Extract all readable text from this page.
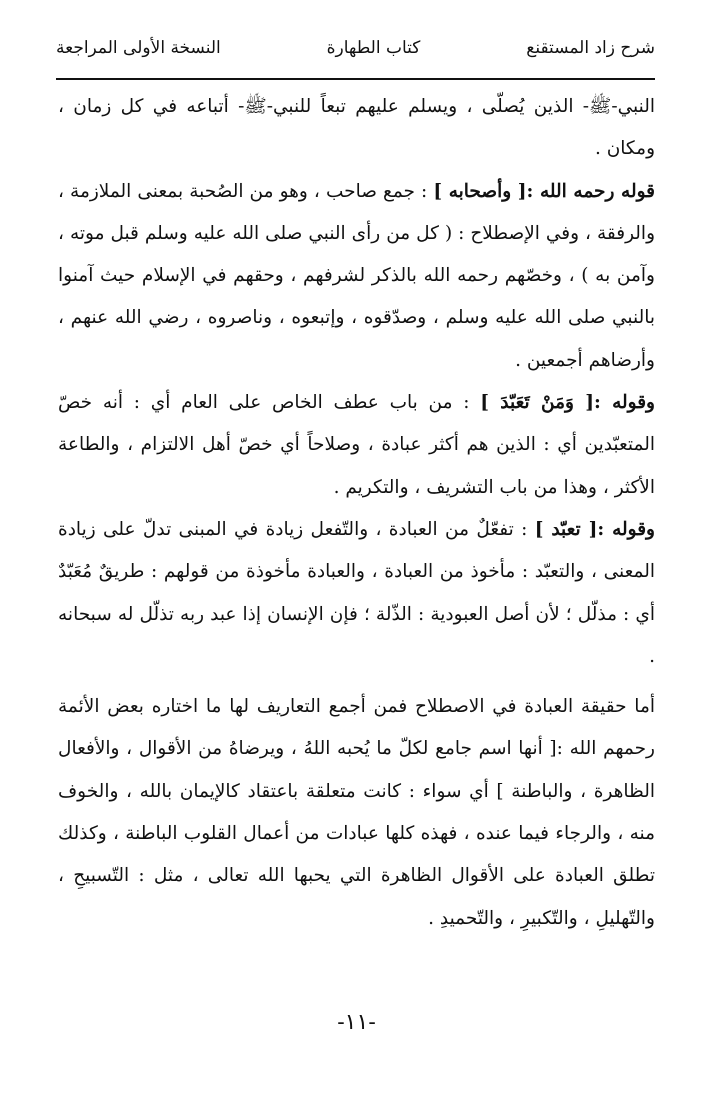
شرح زاد المستقنع
كتاب الطهارة
النسخة الأولى المراجعة

النبي-ﷺ- الذين يُصلّى ، ويسلم عليهم تبعاً للنبي-ﷺ- أتباعه في كل زمان ، ومكان .

قوله رحمه الله :[ وأصحابه ] : جمع صاحب ، وهو من الصُحبة بمعنى الملازمة ، والرفقة ، وفي الإصطلاح : ( كل من رأى النبي صلى الله عليه وسلم قبل موته ، وآمن به ) ، وخصّهم رحمه الله بالذكر لشرفهم ، وحقهم في الإسلام حيث آمنوا بالنبي صلى الله عليه وسلم ، وصدّقوه ، وإتبعوه ، وناصروه ، رضي الله عنهم ، وأرضاهم أجمعين .

وقوله :[ وَمَنْ تَعَبّدَ ] : من باب عطف الخاص على العام أي : أنه خصّ المتعبّدين أي : الذين هم أكثر عبادة ، وصلاحاً أي خصّ أهل الالتزام ، والطاعة الأكثر ، وهذا من باب التشريف ، والتكريم .

وقوله :[ تعبّد ] : تفعّلٌ من العبادة ، والتّفعل زيادة في المبنى تدلّ على زيادة المعنى ، والتعبّد : مأخوذ من العبادة ، والعبادة مأخوذة من قولهم : طريقٌ مُعَبّدٌ أي : مذلّل ؛ لأن أصل العبودية : الذّلة ؛ فإن الإنسان إذا عبد ربه تذلّل له سبحانه .

أما حقيقة العبادة في الاصطلاح فمن أجمع التعاريف لها ما اختاره بعض الأئمة رحمهم الله :[ أنها اسم جامع لكلّ ما يُحبه اللهُ ، ويرضاهُ من الأقوال ، والأفعال الظاهرة ، والباطنة ] أي سواء : كانت متعلقة باعتقاد كالإيمان بالله ، والخوف منه ، والرجاء فيما عنده ، فهذه كلها عبادات من أعمال القلوب الباطنة ، وكذلك تطلق العبادة على الأقوال الظاهرة التي يحبها الله تعالى ، مثل : التّسبيحِ ، والتّهليلِ ، والتّكبيرِ ، والتّحميدِ .

-١١-
